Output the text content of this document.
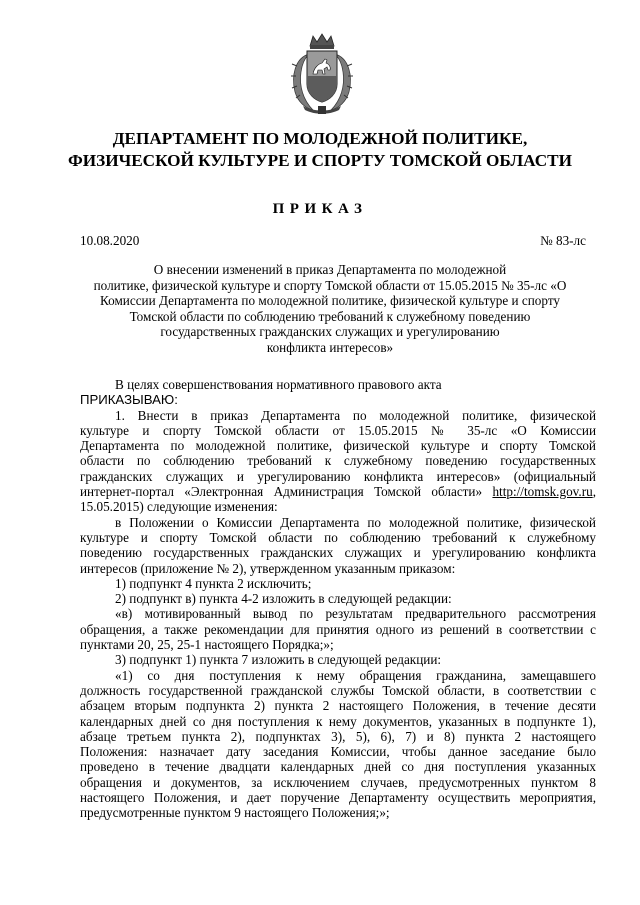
ДЕПАРТАМЕНТ ПО МОЛОДЕЖНОЙ ПОЛИТИКЕ,
ФИЗИЧЕСКОЙ КУЛЬТУРЕ И СПОРТУ ТОМСКОЙ ОБЛАСТИ
ПРИКАЗ
10.08.2020	№ 83-лс
О внесении изменений в приказ Департамента по молодежной
политике, физической культуре и спорту Томской области от 15.05.2015 № 35-лс «О
Комиссии Департамента по молодежной политике, физической культуре и спорту
Томской области по соблюдению требований к служебному поведению
государственных гражданских служащих и урегулированию
конфликта интересов»
В целях совершенствования нормативного правового акта
ПРИКАЗЫВАЮ:
1. Внести в приказ Департамента по молодежной политике, физической
культуре и спорту Томской области от 15.05.2015 № 35-лс «О Комиссии
Департамента по молодежной политике, физической культуре и спорту Томской
области по соблюдению требований к служебному поведению государственных
гражданских служащих и урегулированию конфликта интересов» (официальный
интернет-портал «Электронная Администрация Томской области» http://tomsk.gov.ru,
15.05.2015) следующие изменения:
в Положении о Комиссии Департамента по молодежной политике, физической
культуре и спорту Томской области по соблюдению требований к служебному
поведению государственных гражданских служащих и урегулированию конфликта
интересов (приложение № 2), утвержденном указанным приказом:
1) подпункт 4 пункта 2 исключить;
2) подпункт в) пункта 4-2 изложить в следующей редакции:
«в) мотивированный вывод по результатам предварительного рассмотрения
обращения, а также рекомендации для принятия одного из решений в соответствии с
пунктами 20, 25, 25-1 настоящего Порядка;»;
3) подпункт 1) пункта 7 изложить в следующей редакции:
«1) со дня поступления к нему обращения гражданина, замещавшего
должность государственной гражданской службы Томской области, в соответствии с
абзацем вторым подпункта 2) пункта 2 настоящего Положения, в течение десяти
календарных дней со дня поступления к нему документов, указанных в подпункте 1),
абзаце третьем пункта 2), подпунктах 3), 5), 6), 7) и 8) пункта 2 настоящего
Положения: назначает дату заседания Комиссии, чтобы данное заседание было
проведено в течение двадцати календарных дней со дня поступления указанных
обращения и документов, за исключением случаев, предусмотренных пунктом 8
настоящего Положения, и дает поручение Департаменту осуществить мероприятия,
предусмотренные пунктом 9 настоящего Положения;»;
